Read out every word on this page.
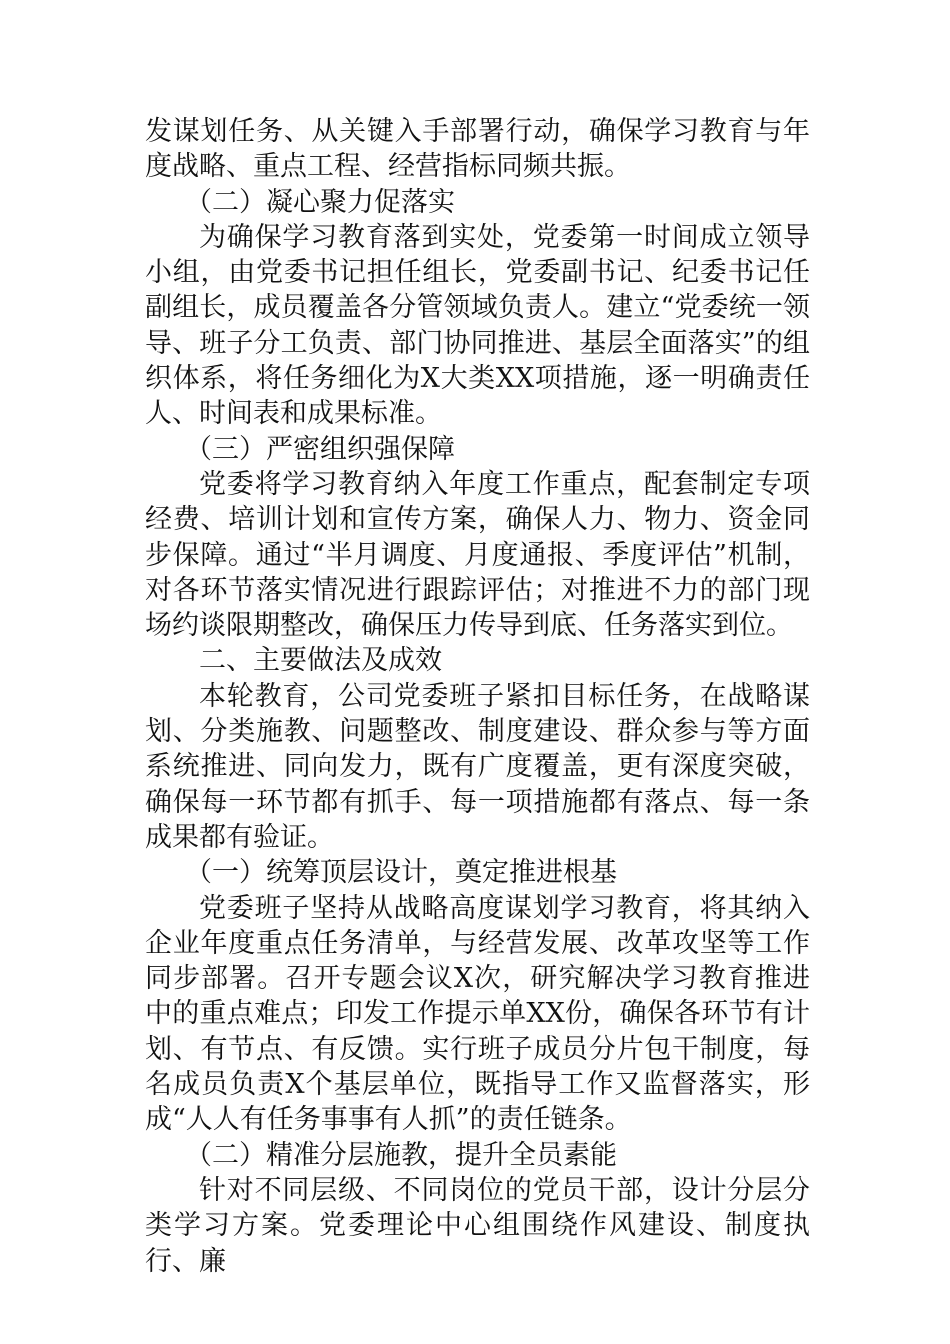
发谋划任务、从关键入手部署行动，确保学习教育与年度战略、重点工程、经营指标同频共振。

（二）凝心聚力促落实

为确保学习教育落到实处，党委第一时间成立领导小组，由党委书记担任组长，党委副书记、纪委书记任副组长，成员覆盖各分管领域负责人。建立“党委统一领导、班子分工负责、部门协同推进、基层全面落实”的组织体系，将任务细化为X大类XX项措施，逐一明确责任人、时间表和成果标准。

（三）严密组织强保障

党委将学习教育纳入年度工作重点，配套制定专项经费、培训计划和宣传方案，确保人力、物力、资金同步保障。通过“半月调度、月度通报、季度评估”机制，对各环节落实情况进行跟踪评估；对推进不力的部门现场约谈限期整改，确保压力传导到底、任务落实到位。

二、主要做法及成效

本轮教育，公司党委班子紧扣目标任务，在战略谋划、分类施教、问题整改、制度建设、群众参与等方面系统推进、同向发力，既有广度覆盖，更有深度突破，确保每一环节都有抓手、每一项措施都有落点、每一条成果都有验证。

（一）统筹顶层设计，奠定推进根基

党委班子坚持从战略高度谋划学习教育，将其纳入企业年度重点任务清单，与经营发展、改革攻坚等工作同步部署。召开专题会议X次，研究解决学习教育推进中的重点难点；印发工作提示单XX份，确保各环节有计划、有节点、有反馈。实行班子成员分片包干制度，每名成员负责X个基层单位，既指导工作又监督落实，形成“人人有任务事事有人抓”的责任链条。

（二）精准分层施教，提升全员素能

针对不同层级、不同岗位的党员干部，设计分层分类学习方案。党委理论中心组围绕作风建设、制度执行、廉
